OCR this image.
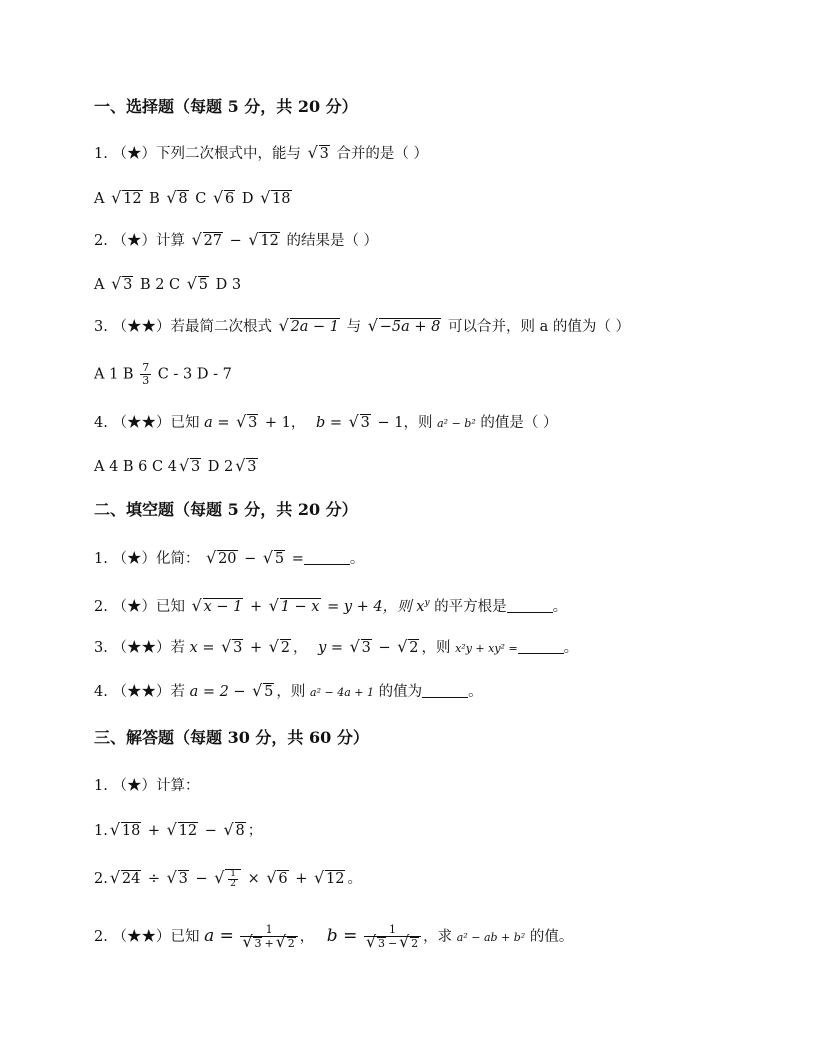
一、选择题（每题 5 分，共 20 分）
1. （★）下列二次根式中，能与 √ 3 合并的是（ ）
A √ 12 B √ 8 C √ 6 D √ 18
2. （★）计算 √ 27 − √ 12 的结果是（ ）
A √ 3 B 2 C √ 5 D 3
3. （★★）若最简二次根式 √ 2a − 1 与 √ −5a + 8 可以合并，则 a 的值为（ ）
A 1 B $\frac{7}{3}$ C - 3 D - 7
4. （★★）已知 a = √ 3 + 1， b = √ 3 − 1，则 a² − b² 的值是（ ）
A 4 B 6 C 4 √ 3 D 2 √ 3
二、填空题（每题 5 分，共 20 分）
1. （★）化简： √ 20 − √ 5 =	。
2. （★）已知 √ x − 1 + √ 1 − x = y + 4，则 $x^y$ 的平方根是	。
3. （★★）若 x = √ 3 + √ 2 ， y = √ 3 − √ 2 ，则 x²y + xy² =	。
4. （★★）若 a = 2 − √ 5 ，则 a² − 4a + 1 的值为	。
三、解答题（每题 30 分，共 60 分）
1. （★）计算：
1. √ 18 + √ 12 − √ 8 ；
2. √ 24 ÷ √ 3 − √ $\frac{1}{2}$ × √ 6 + √ 12 。
2. （★★）已知 a = 1
√ 3 + √ 2 ， b = 1
√ 3 − √ 2 ，求 a² − ab + b² 的值。
